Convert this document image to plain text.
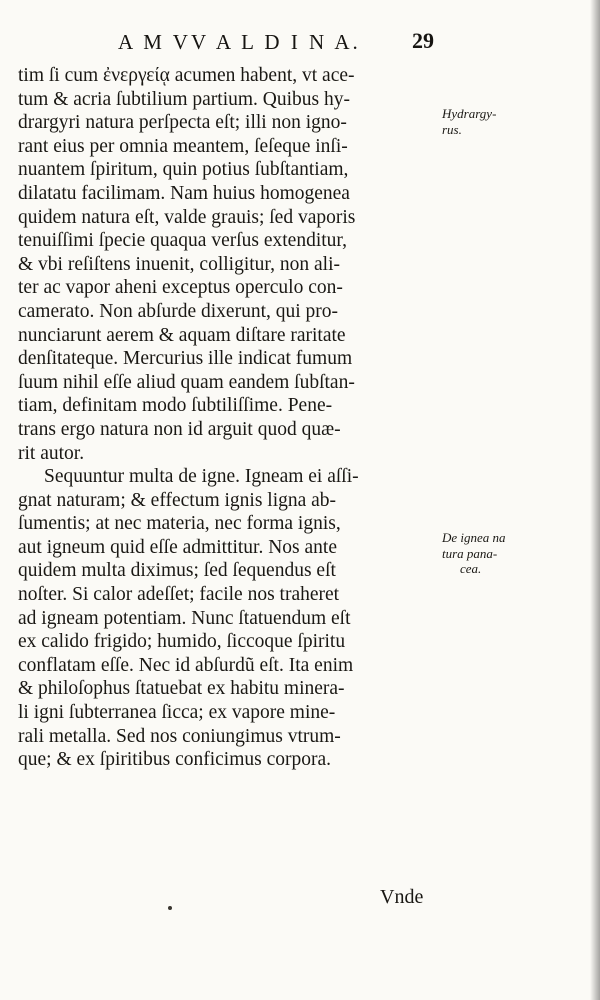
A M VV A L D I N A. 29
tim ſi cum ἐνεργείᾳ acumen habent, vt ace-
tum & acria ſubtilium partium. Quibus hy-
drargyri natura perſpecta eſt; illi non igno-
rant eius per omnia meantem, ſeſeque inſi-
nuantem ſpiritum, quin potius ſubſtantiam,
dilatatu facilimam. Nam huius homogenea
quidem natura eſt, valde grauis; ſed vaporis
tenuiſſimi ſpecie quaqua verſus extenditur,
& vbi reſiſtens inuenit, colligitur, non ali-
ter ac vapor aheni exceptus operculo con-
camerato. Non abſurde dixerunt, qui pro-
nunciarunt aerem & aquam diſtare raritate
denſitateque. Mercurius ille indicat fumum
ſuum nihil eſſe aliud quam eandem ſubſtan-
tiam, definitam modo ſubtiliſſime. Pene-
trans ergo natura non id arguit quod quæ-
rit autor.
Sequuntur multa de igne. Igneam ei aſſi-
gnat naturam; & effectum ignis ligna ab-
ſumentis; at nec materia, nec forma ignis,
aut igneum quid eſſe admittitur. Nos ante
quidem multa diximus; ſed ſequendus eſt
noſter. Si calor adeſſet; facile nos traheret
ad igneam potentiam. Nunc ſtatuendum eſt
ex calido frigido; humido, ſiccoque ſpiritu
conflatam eſſe. Nec id abſurdũ eſt. Ita enim
& philoſophus ſtatuebat ex habitu minera-
li igni ſubterranea ſicca; ex vapore mine-
rali metalla. Sed nos coniungimus vtrum-
que; & ex ſpiritibus conficimus corpora.
Hydrargy-
rus.
De ignea na
tura pana-
cea.
Vnde
